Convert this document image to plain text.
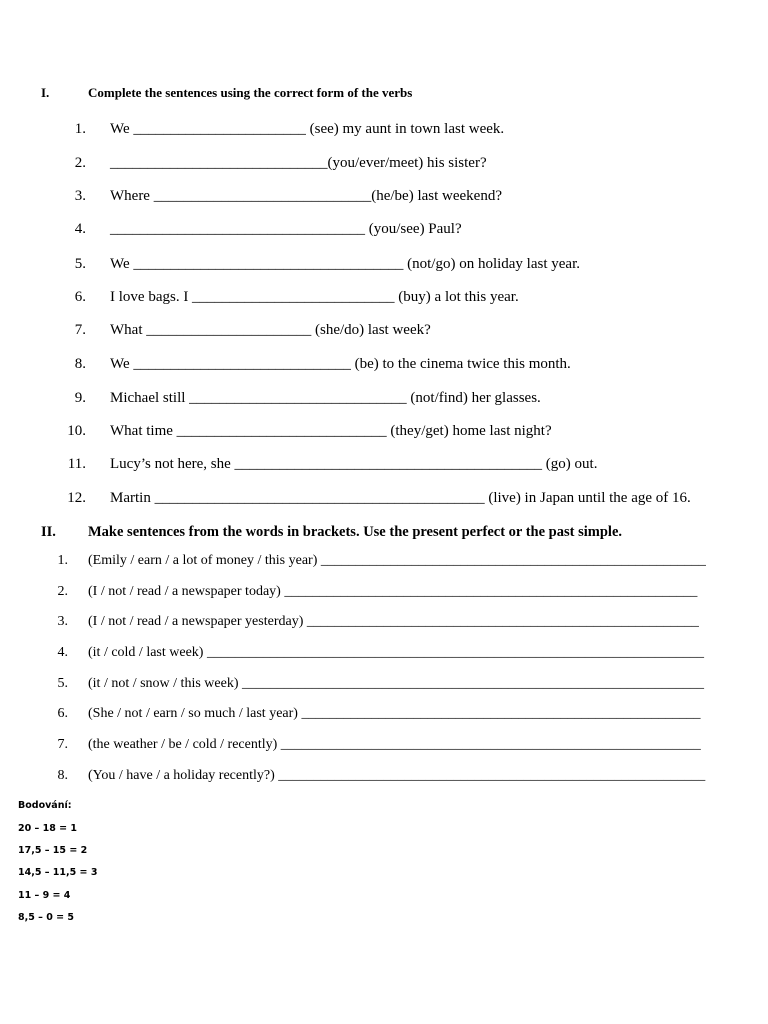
I.	Complete the sentences using the correct form of the verbs
1. We _______________________ (see) my aunt in town last week.
2. _____________________________(you/ever/meet) his sister?
3. Where _____________________________(he/be) last weekend?
4. __________________________________ (you/see) Paul?
5. We ____________________________________ (not/go) on holiday last year.
6. I love bags. I ___________________________ (buy) a lot this year.
7. What ______________________ (she/do) last week?
8. We _____________________________ (be) to the cinema twice this month.
9. Michael still _____________________________ (not/find) her glasses.
10. What time ____________________________ (they/get) home last night?
11. Lucy’s not here, she _________________________________________ (go) out.
12. Martin ____________________________________________ (live) in Japan until the age of 16.
II. Make sentences from the words in brackets. Use the present perfect or the past simple.
1. (Emily / earn / a lot of money / this year) _______________________________________________________
2. (I / not / read / a newspaper today) ___________________________________________________________
3. (I / not / read / a newspaper yesterday) ________________________________________________________
4. (it / cold / last week) _______________________________________________________________________
5. (it / not / snow / this week) __________________________________________________________________
6. (She / not / earn / so much / last year) _________________________________________________________
7. (the weather / be / cold / recently) ____________________________________________________________
8. (You / have / a holiday recently?) _____________________________________________________________
Bodování:
20 – 18 = 1
17,5 – 15 = 2
14,5 – 11,5 = 3
11 – 9 = 4
8,5 – 0 = 5
